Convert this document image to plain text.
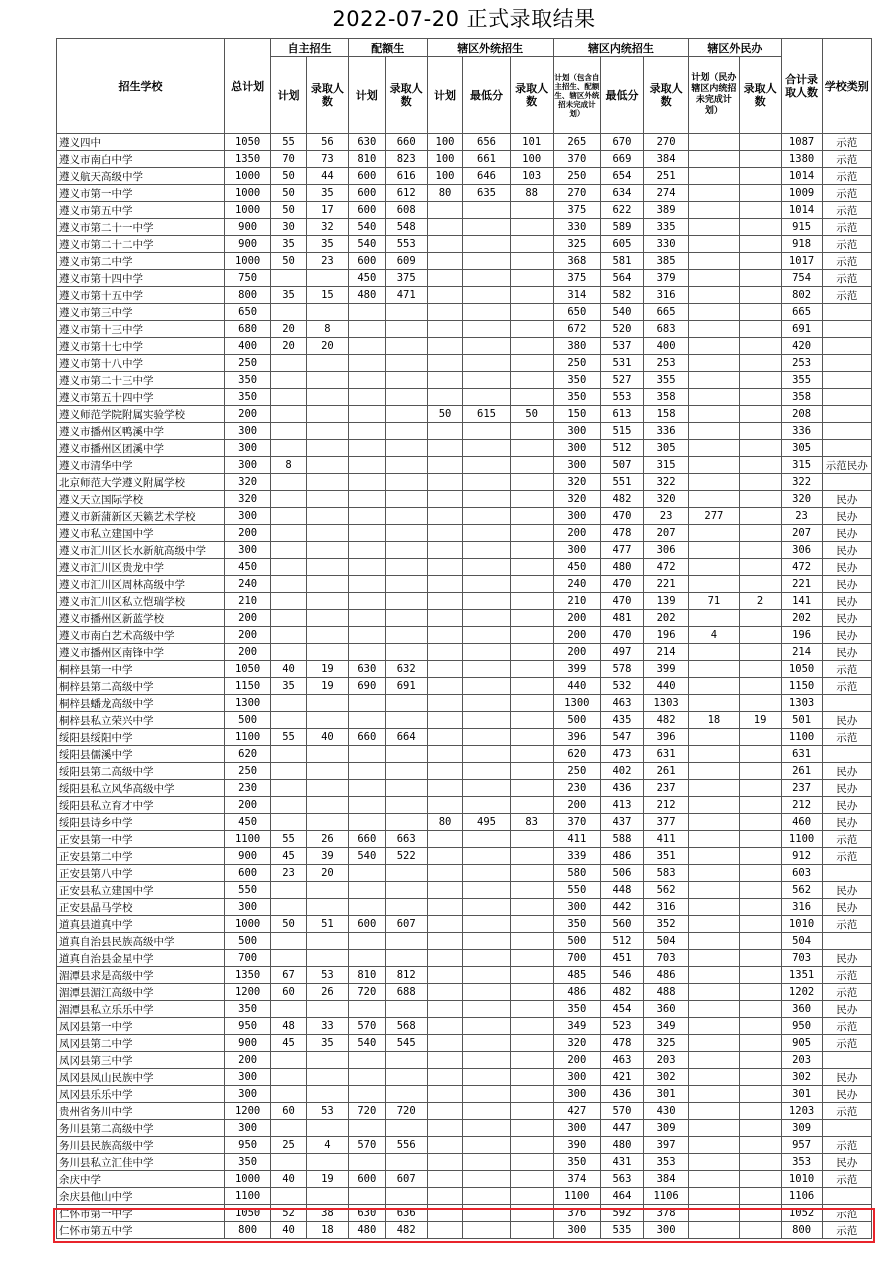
2022-07-20 正式录取结果
招生学校	总计划	自主招生		配额生		辖区外统招生			辖区内统招生			辖区外民办		合计录取人数	学校类别
		计划	录取人数	计划	录取人数	计划	最低分	录取人数	计划（包含自主招生、配额生、辖区外统招未完成计划）	最低分	录取人数	计划（民办辖区内统招未完成计划）	录取人数		
遵义四中	1050	55	56	630	660	100	656	101	265	670	270			1087	示范
遵义市南白中学	1350	70	73	810	823	100	661	100	370	669	384			1380	示范
遵义航天高级中学	1000	50	44	600	616	100	646	103	250	654	251			1014	示范
遵义市第一中学	1000	50	35	600	612	80	635	88	270	634	274			1009	示范
遵义市第五中学	1000	50	17	600	608				375	622	389			1014	示范
遵义市第二十一中学	900	30	32	540	548				330	589	335			915	示范
遵义市第二十二中学	900	35	35	540	553				325	605	330			918	示范
遵义市第二中学	1000	50	23	600	609				368	581	385			1017	示范
遵义市第十四中学	750			450	375				375	564	379			754	示范
遵义市第十五中学	800	35	15	480	471				314	582	316			802	示范
遵义市第三中学	650								650	540	665			665	
遵义市第十三中学	680	20	8						672	520	683			691	
遵义市第十七中学	400	20	20						380	537	400			420	
遵义市第十八中学	250								250	531	253			253	
遵义市第二十三中学	350								350	527	355			355	
遵义市第五十四中学	350								350	553	358			358	
遵义师范学院附属实验学校	200					50	615	50	150	613	158			208	
遵义市播州区鸭溪中学	300								300	515	336			336	
遵义市播州区团溪中学	300								300	512	305			305	
遵义市清华中学	300	8							300	507	315			315	示范民办
北京师范大学遵义附属学校	320								320	551	322			322	
遵义天立国际学校	320								320	482	320			320	民办
遵义市新蒲新区天籁艺术学校	300								300	470	23	277		23	民办
遵义市私立建国中学	200								200	478	207			207	民办
遵义市汇川区长水新航高级中学	300								300	477	306			306	民办
遵义市汇川区贵龙中学	450								450	480	472			472	民办
遵义市汇川区周林高级中学	240								240	470	221			221	民办
遵义市汇川区私立恺瑞学校	210								210	470	139	71	2	141	民办
遵义市播州区新蓝学校	200								200	481	202			202	民办
遵义市南白艺术高级中学	200								200	470	196	4		196	民办
遵义市播州区南锋中学	200								200	497	214			214	民办
桐梓县第一中学	1050	40	19	630	632				399	578	399			1050	示范
桐梓县第二高级中学	1150	35	19	690	691				440	532	440			1150	示范
桐梓县蟠龙高级中学	1300								1300	463	1303			1303	
桐梓县私立荣兴中学	500								500	435	482	18	19	501	民办
绥阳县绥阳中学	1100	55	40	660	664				396	547	396			1100	示范
绥阳县儒溪中学	620								620	473	631			631	
绥阳县第二高级中学	250								250	402	261			261	民办
绥阳县私立风华高级中学	230								230	436	237			237	民办
绥阳县私立育才中学	200								200	413	212			212	民办
绥阳县诗乡中学	450					80	495	83	370	437	377			460	民办
正安县第一中学	1100	55	26	660	663				411	588	411			1100	示范
正安县第二中学	900	45	39	540	522				339	486	351			912	示范
正安县第八中学	600	23	20						580	506	583			603	
正安县私立建国中学	550								550	448	562			562	民办
正安县晶马学校	300								300	442	316			316	民办
道真县道真中学	1000	50	51	600	607				350	560	352			1010	示范
道真自治县民族高级中学	500								500	512	504			504	
道真自治县金星中学	700								700	451	703			703	民办
湄潭县求是高级中学	1350	67	53	810	812				485	546	486			1351	示范
湄潭县湄江高级中学	1200	60	26	720	688				486	482	488			1202	示范
湄潭县私立乐乐中学	350								350	454	360			360	民办
凤冈县第一中学	950	48	33	570	568				349	523	349			950	示范
凤冈县第二中学	900	45	35	540	545				320	478	325			905	示范
凤冈县第三中学	200								200	463	203			203	
凤冈县凤山民族中学	300								300	421	302			302	民办
凤冈县乐乐中学	300								300	436	301			301	民办
贵州省务川中学	1200	60	53	720	720				427	570	430			1203	示范
务川县第二高级中学	300								300	447	309			309	
务川县民族高级中学	950	25	4	570	556				390	480	397			957	示范
务川县私立汇佳中学	350								350	431	353			353	民办
余庆中学	1000	40	19	600	607				374	563	384			1010	示范
余庆县他山中学	1100								1100	464	1106			1106	
仁怀市第一中学	1050	52	38	630	636				376	592	378			1052	示范
仁怀市第五中学	800	40	18	480	482				300	535	300			800	示范
